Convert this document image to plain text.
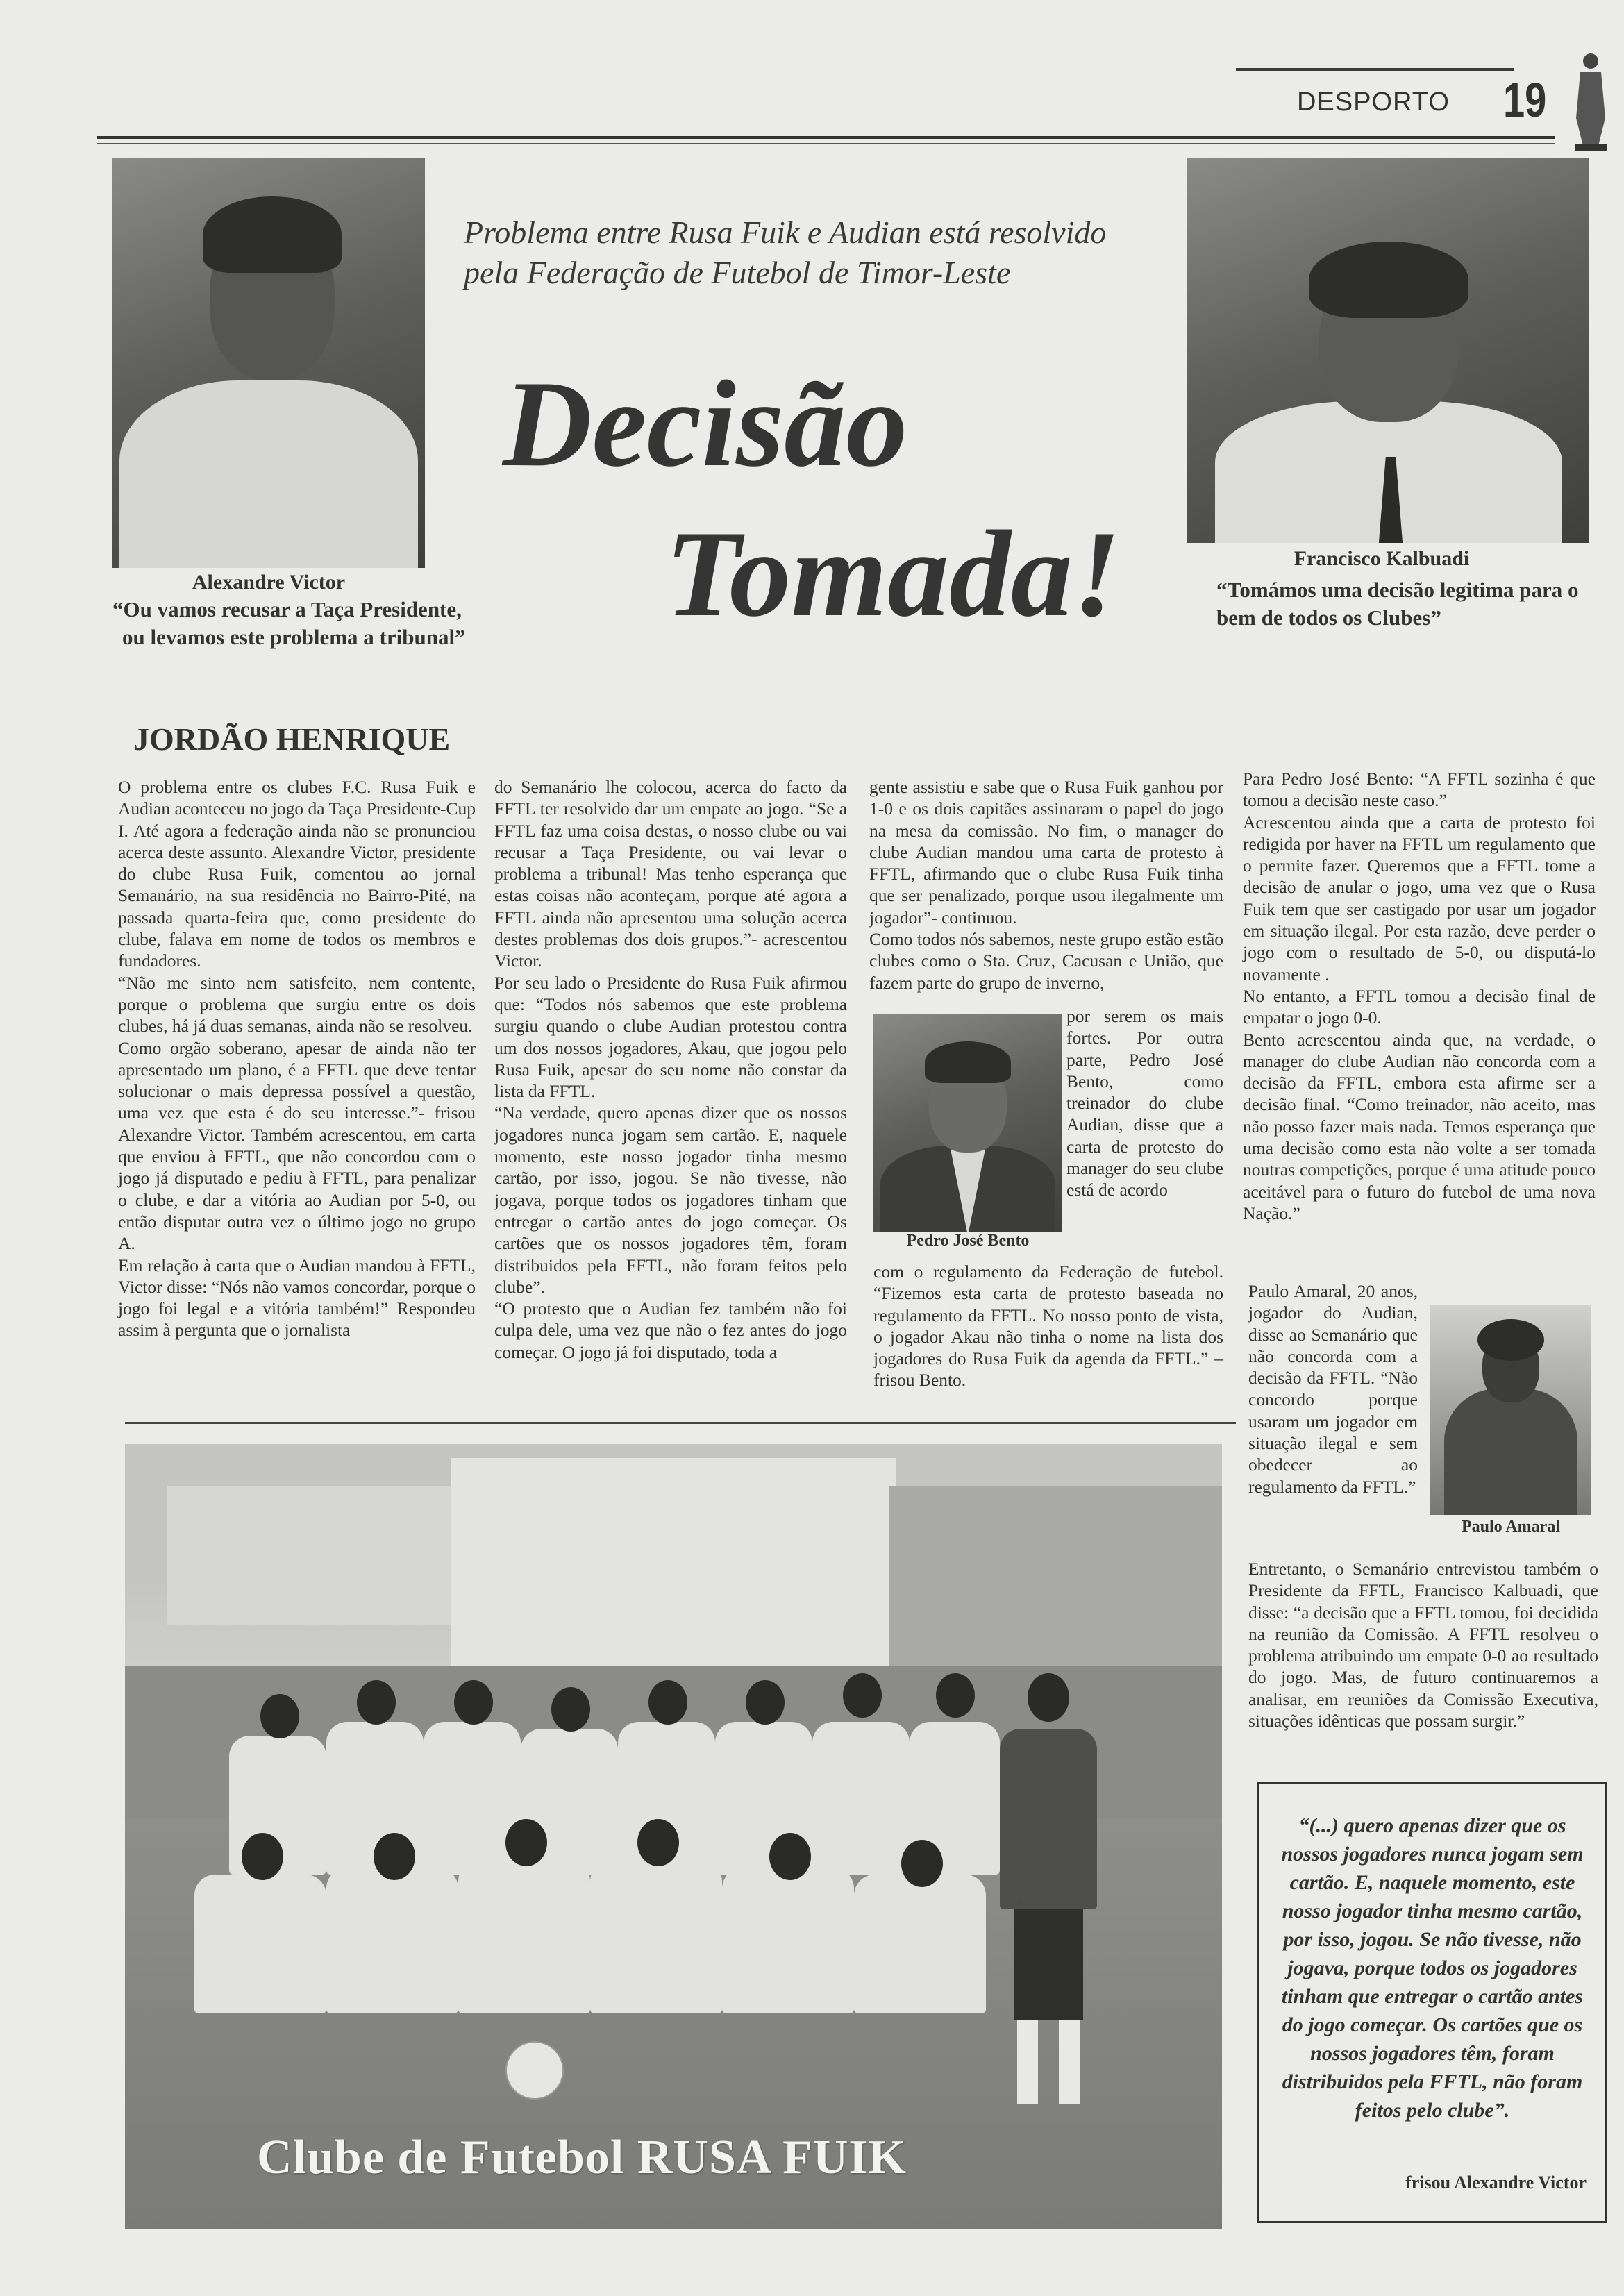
DESPORTO 19
Alexandre Victor
“Ou vamos recusar a Taça Presidente,
ou levamos este problema a tribunal”
Problema entre Rusa Fuik e Audian está resolvido
pela Federação de Futebol de Timor-Leste
Decisão
Tomada!	Francisco Kalbuadi
“Tomámos uma decisão legitima para o
bem de todos os Clubes”
JORDÃO HENRIQUE

O problema entre os clubes F.C. Rusa Fuik e Audian aconteceu no jogo da Taça Presidente-Cup I. Até agora a federação ainda não se pronunciou acerca deste assunto. Alexandre Victor, presidente do clube Rusa Fuik, comentou ao jornal Semanário, na sua residência no Bairro-Pité, na passada quarta-feira que, como presidente do clube, falava em nome de todos os membros e fundadores.

“Não me sinto nem satisfeito, nem contente, porque o problema que surgiu entre os dois clubes, há já duas semanas, ainda não se resolveu.

Como orgão soberano, apesar de ainda não ter apresentado um plano, é a FFTL que deve tentar solucionar o mais depressa possível a questão, uma vez que esta é do seu interesse.”- frisou Alexandre Victor. Também acrescentou, em carta que enviou à FFTL, que não concordou com o jogo já disputado e pediu à FFTL, para penalizar o clube, e dar a vitória ao Audian por 5-0, ou então disputar outra vez o último jogo no grupo A.

Em relação à carta que o Audian mandou à FFTL, Victor disse: “Nós não vamos concordar, porque o jogo foi legal e a vitória também!” Respondeu assim à pergunta que o jornalista

do Semanário lhe colocou, acerca do facto da FFTL ter resolvido dar um empate ao jogo. “Se a FFTL faz uma coisa destas, o nosso clube ou vai recusar a Taça Presidente, ou vai levar o problema a tribunal! Mas tenho esperança que estas coisas não aconteçam, porque até agora a FFTL ainda não apresentou uma solução acerca destes problemas dos dois grupos.”- acrescentou Victor.

Por seu lado o Presidente do Rusa Fuik afirmou que: “Todos nós sabemos que este problema surgiu quando o clube Audian protestou contra um dos nossos jogadores, Akau, que jogou pelo Rusa Fuik, apesar do seu nome não constar da lista da FFTL.

“Na verdade, quero apenas dizer que os nossos jogadores nunca jogam sem cartão. E, naquele momento, este nosso jogador tinha mesmo cartão, por isso, jogou. Se não tivesse, não jogava, porque todos os jogadores tinham que entregar o cartão antes do jogo começar. Os cartões que os nossos jogadores têm, foram distribuidos pela FFTL, não foram feitos pelo clube”.

“O protesto que o Audian fez também não foi culpa dele, uma vez que não o fez antes do jogo começar. O jogo já foi disputado, toda a

gente assistiu e sabe que o Rusa Fuik ganhou por 1-0 e os dois capitães assinaram o papel do jogo na mesa da comissão. No fim, o manager do clube Audian mandou uma carta de protesto à FFTL, afirmando que o clube Rusa Fuik tinha que ser penalizado, porque usou ilegalmente um jogador”- continuou.

Como todos nós sabemos, neste grupo estão estão clubes como o Sta. Cruz, Cacusan e União, que fazem parte do grupo de inverno,

Pedro José Bento
por serem os mais fortes. Por outra parte, Pedro José Bento, como treinador do clube Audian, disse que a carta de protesto do manager do seu clube está de acordo
com o regulamento da Federação de futebol. “Fizemos esta carta de protesto baseada no regulamento da FFTL. No nosso ponto de vista, o jogador Akau não tinha o nome na lista dos jogadores do Rusa Fuik da agenda da FFTL.” – frisou Bento.

Para Pedro José Bento: “A FFTL sozinha é que tomou a decisão neste caso.”

Acrescentou ainda que a carta de protesto foi redigida por haver na FFTL um regulamento que o permite fazer. Queremos que a FFTL tome a decisão de anular o jogo, uma vez que o Rusa Fuik tem que ser castigado por usar um jogador em situação ilegal. Por esta razão, deve perder o jogo com o resultado de 5-0, ou disputá-lo novamente .

No entanto, a FFTL tomou a decisão final de empatar o jogo 0-0.

Bento acrescentou ainda que, na verdade, o manager do clube Audian não concorda com a decisão da FFTL, embora esta afirme ser a decisão final. “Como treinador, não aceito, mas não posso fazer mais nada. Temos esperança que uma decisão como esta não volte a ser tomada noutras competições, porque é uma atitude pouco aceitável para o futuro do futebol de uma nova Nação.”

Paulo Amaral, 20 anos, jogador do Audian, disse ao Semanário que não concorda com a decisão da FFTL. “Não concordo porque usaram um jogador em situação ilegal e sem obedecer ao regulamento da FFTL.”
Paulo Amaral
Entretanto, o Semanário entrevistou também o Presidente da FFTL, Francisco Kalbuadi, que disse: “a decisão que a FFTL tomou, foi decidida na reunião da Comissão. A FFTL resolveu o problema atribuindo um empate 0-0 ao resultado do jogo. Mas, de futuro continuaremos a analisar, em reuniões da Comissão Executiva, situações idênticas que possam surgir.”
Clube de Futebol RUSA FUIK
“(...) quero apenas dizer que os nossos jogadores nunca jogam sem cartão. E, naquele momento, este nosso jogador tinha mesmo cartão, por isso, jogou. Se não tivesse, não jogava, porque todos os jogadores tinham que entregar o cartão antes do jogo começar. Os cartões que os nossos jogadores têm, foram distribuidos pela FFTL, não foram feitos pelo clube”.
frisou Alexandre Victor
